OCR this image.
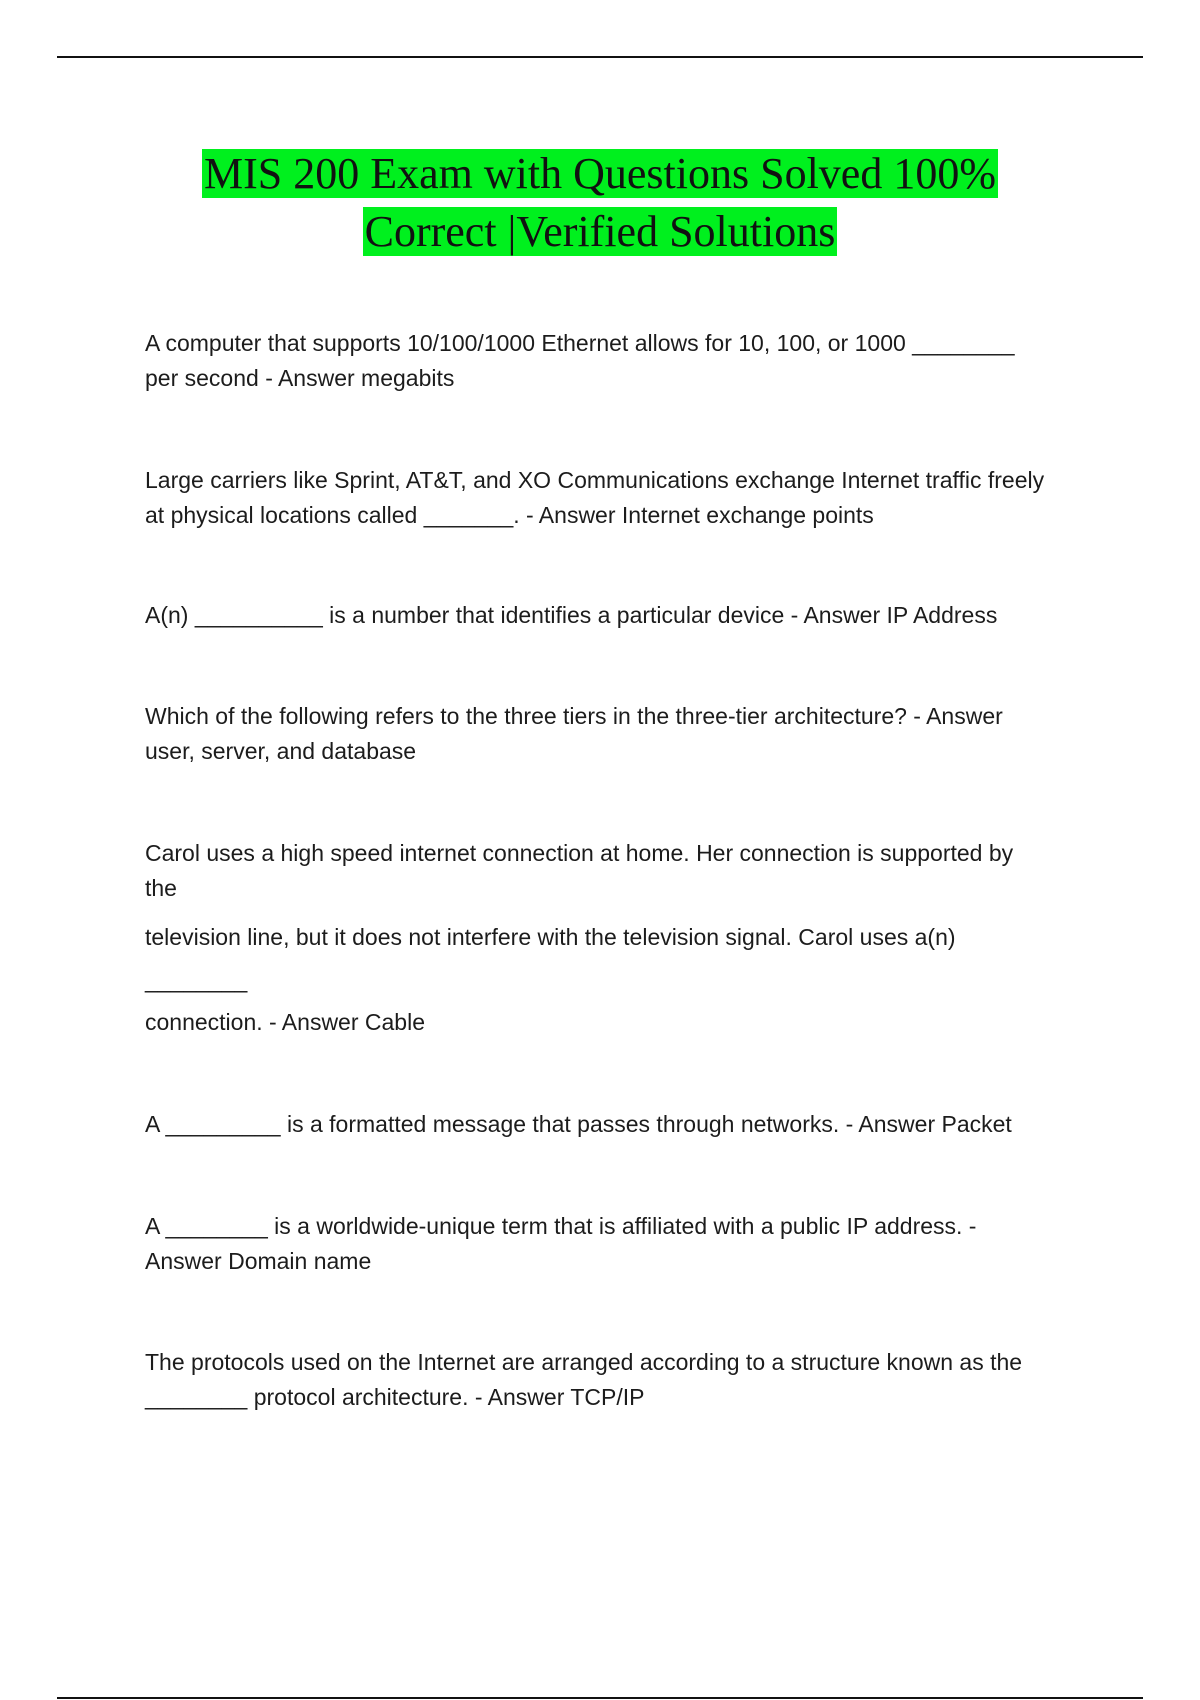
MIS 200 Exam with Questions Solved 100%
Correct |Verified Solutions
A computer that supports 10/100/1000 Ethernet allows for 10, 100, or 1000 ________
per second - Answer megabits
Large carriers like Sprint, AT&T, and XO Communications exchange Internet traffic freely
at physical locations called _______. - Answer Internet exchange points
A(n) __________ is a number that identifies a particular device - Answer IP Address
Which of the following refers to the three tiers in the three-tier architecture? - Answer
user, server, and database
Carol uses a high speed internet connection at home. Her connection is supported by
the
television line, but it does not interfere with the television signal. Carol uses a(n)
________
connection. - Answer Cable
A _________ is a formatted message that passes through networks. - Answer Packet
A ________ is a worldwide-unique term that is affiliated with a public IP address. -
Answer Domain name
The protocols used on the Internet are arranged according to a structure known as the
________ protocol architecture. - Answer TCP/IP
